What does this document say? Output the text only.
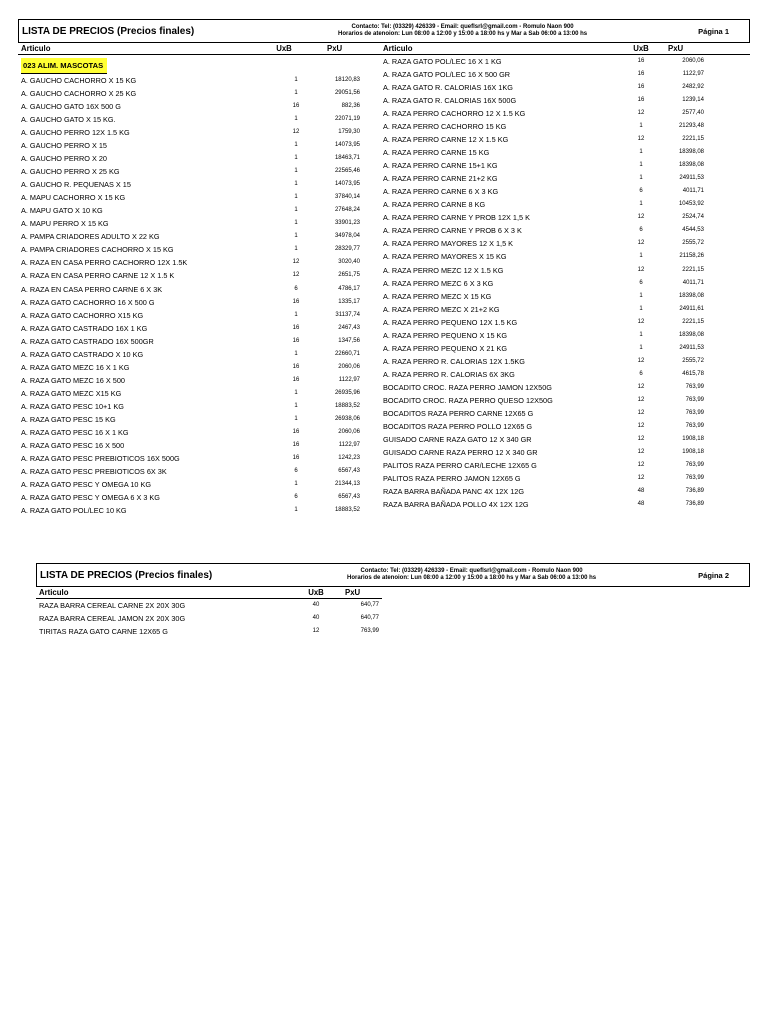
LISTA DE PRECIOS (Precios finales)	Contacto: Tel: (03329) 426339 - Email: queflsrl@gmail.com - Romulo Naon 900
Horarios de atenoion: Lun 08:00 a 12:00 y 15:00 a 18:00 hs y Mar a Sab 06:00 a 13:00 hs	Página 1
Articulo	UxB	PxU
023 ALIM. MASCOTAS
A. GAUCHO CACHORRO X 15 KG	1	18120,83
A. GAUCHO CACHORRO X 25 KG	1	29051,56
A. GAUCHO GATO 16X 500 G	16	882,36
A. GAUCHO GATO X 15 KG.	1	22071,19
A. GAUCHO PERRO 12X 1.5 KG	12	1759,30
A. GAUCHO PERRO X 15	1	14073,95
A. GAUCHO PERRO X 20	1	18463,71
A. GAUCHO PERRO X 25 KG	1	22565,46
A. GAUCHO R. PEQUENAS X 15	1	14073,95
A. MAPU CACHORRO X 15 KG	1	37840,14
A. MAPU GATO X 10 KG	1	27648,24
A. MAPU PERRO X 15 KG	1	33901,23
A. PAMPA CRIADORES ADULTO X 22 KG	1	34978,04
A. PAMPA CRIADORES CACHORRO X 15 KG	1	28329,77
A. RAZA EN CASA PERRO CACHORRO 12X 1.5K	12	3020,40
A. RAZA EN CASA PERRO CARNE 12 X 1.5 K	12	2651,75
A. RAZA EN CASA PERRO CARNE 6 X 3K	6	4786,17
A. RAZA GATO CACHORRO 16 X 500 G	16	1335,17
A. RAZA GATO CACHORRO X15 KG	1	31137,74
A. RAZA GATO CASTRADO 16X 1 KG	16	2467,43
A. RAZA GATO CASTRADO 16X 500GR	16	1347,56
A. RAZA GATO CASTRADO X 10 KG	1	22660,71
A. RAZA GATO MEZC 16 X 1 KG	16	2060,06
A. RAZA GATO MEZC 16 X 500	16	1122,97
A. RAZA GATO MEZC X15 KG	1	26935,96
A. RAZA GATO PESC 10+1 KG	1	18883,52
A. RAZA GATO PESC 15 KG	1	26938,06
A. RAZA GATO PESC 16 X 1 KG	16	2060,06
A. RAZA GATO PESC 16 X 500	16	1122,97
A. RAZA GATO PESC PREBIOTICOS 16X 500G	16	1242,23
A. RAZA GATO PESC PREBIOTICOS 6X 3K	6	6567,43
A. RAZA GATO PESC Y OMEGA 10 KG	1	21344,13
A. RAZA GATO PESC Y OMEGA 6 X 3 KG	6	6567,43
A. RAZA GATO POL/LEC 10 KG	1	18883,52
Articulo	UxB	PxU
A. RAZA GATO POL/LEC 16 X 1 KG	16	2060,06
A. RAZA GATO POL/LEC 16 X 500 GR	16	1122,97
A. RAZA GATO R. CALORIAS 16X 1KG	16	2482,92
A. RAZA GATO R. CALORIAS 16X 500G	16	1239,14
A. RAZA PERRO CACHORRO 12 X 1.5 KG	12	2577,40
A. RAZA PERRO CACHORRO 15 KG	1	21293,48
A. RAZA PERRO CARNE 12 X 1.5 KG	12	2221,15
A. RAZA PERRO CARNE 15 KG	1	18398,08
A. RAZA PERRO CARNE 15+1 KG	1	18398,08
A. RAZA PERRO CARNE 21+2 KG	1	24911,53
A. RAZA PERRO CARNE 6 X 3 KG	6	4011,71
A. RAZA PERRO CARNE 8 KG	1	10453,92
A. RAZA PERRO CARNE Y PROB 12X 1,5 K	12	2524,74
A. RAZA PERRO CARNE Y PROB 6 X 3 K	6	4544,53
A. RAZA PERRO MAYORES 12 X 1,5 K	12	2555,72
A. RAZA PERRO MAYORES X 15 KG	1	21158,26
A. RAZA PERRO MEZC 12 X 1.5 KG	12	2221,15
A. RAZA PERRO MEZC 6 X 3 KG	6	4011,71
A. RAZA PERRO MEZC X 15 KG	1	18398,08
A. RAZA PERRO MEZC X 21+2 KG	1	24911,61
A. RAZA PERRO PEQUENO 12X 1.5 KG	12	2221,15
A. RAZA PERRO PEQUENO X 15 KG	1	18398,08
A. RAZA PERRO PEQUENO X 21 KG	1	24911,53
A. RAZA PERRO R. CALORIAS 12X 1.5KG	12	2555,72
A. RAZA PERRO R. CALORIAS 6X 3KG	6	4615,78
BOCADITO CROC. RAZA PERRO JAMON 12X50G	12	763,99
BOCADITO CROC. RAZA PERRO QUESO 12X50G	12	763,99
BOCADITOS RAZA PERRO CARNE 12X65 G	12	763,99
BOCADITOS RAZA PERRO POLLO 12X65 G	12	763,99
GUISADO CARNE RAZA GATO 12 X 340 GR	12	1908,18
GUISADO CARNE RAZA PERRO 12 X 340 GR	12	1908,18
PALITOS RAZA PERRO CAR/LECHE 12X65 G	12	763,99
PALITOS RAZA PERRO JAMON 12X65 G	12	763,99
RAZA BARRA BAÑADA PANC 4X 12X 12G	48	736,89
RAZA BARRA BAÑADA POLLO 4X 12X 12G	48	736,89
LISTA DE PRECIOS (Precios finales)	Contacto: Tel: (03329) 426339 - Email: queflsrl@gmail.com - Romulo Naon 900
Horarios de atenoion: Lun 08:00 a 12:00 y 15:00 a 18:00 hs y Mar a Sab 06:00 a 13:00 hs	Página 2
Articulo	UxB	PxU
RAZA BARRA CEREAL CARNE 2X 20X 30G	40	640,77
RAZA BARRA CEREAL JAMON 2X 20X 30G	40	640,77
TIRITAS RAZA GATO CARNE 12X65 G	12	763,99
